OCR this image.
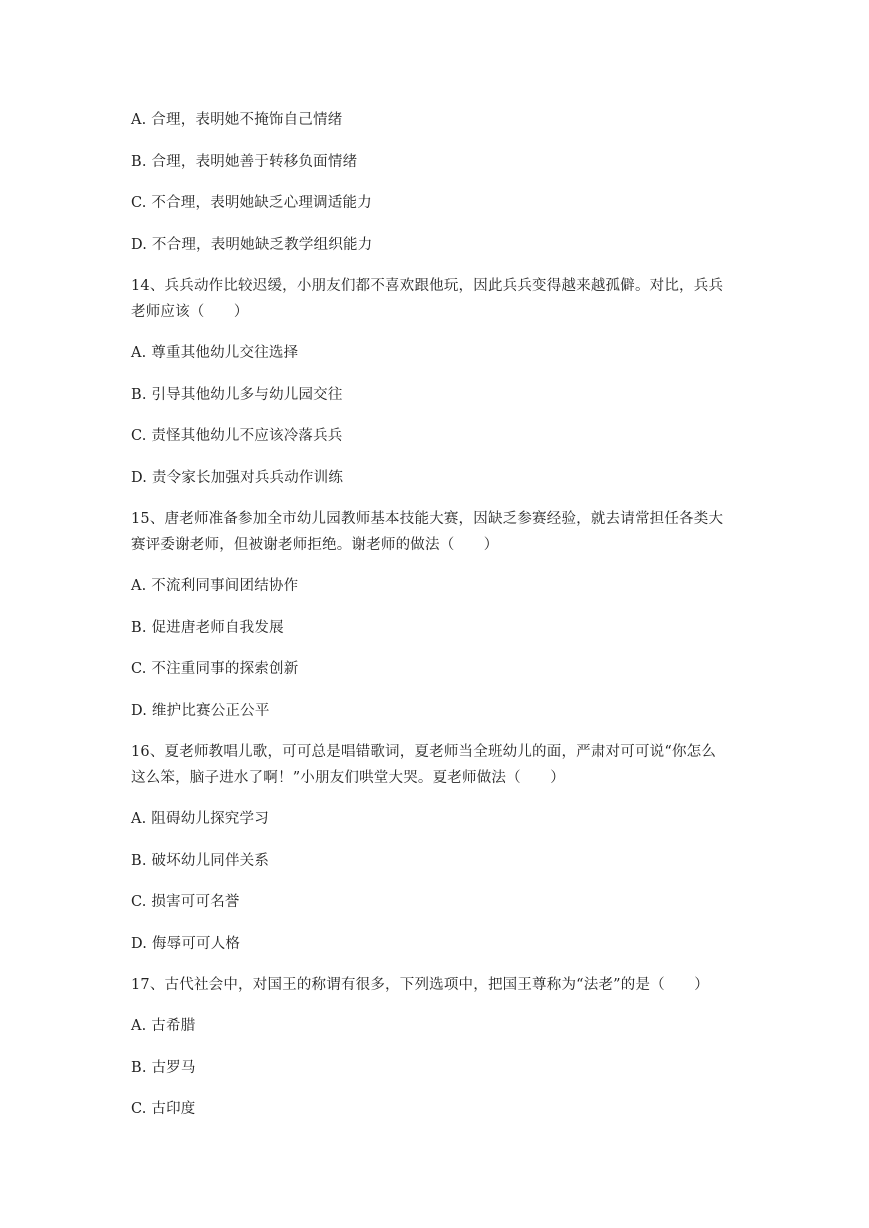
A. 合理，表明她不掩饰自己情绪
B. 合理，表明她善于转移负面情绪
C. 不合理，表明她缺乏心理调适能力
D. 不合理，表明她缺乏教学组织能力
14、兵兵动作比较迟缓，小朋友们都不喜欢跟他玩，因此兵兵变得越来越孤僻。对比，兵兵
老师应该（　　）
A. 尊重其他幼儿交往选择
B. 引导其他幼儿多与幼儿园交往
C. 责怪其他幼儿不应该冷落兵兵
D. 责令家长加强对兵兵动作训练
15、唐老师准备参加全市幼儿园教师基本技能大赛，因缺乏参赛经验，就去请常担任各类大
赛评委谢老师，但被谢老师拒绝。谢老师的做法（　　）
A. 不流利同事间团结协作
B. 促进唐老师自我发展
C. 不注重同事的探索创新
D. 维护比赛公正公平
16、夏老师教唱儿歌，可可总是唱错歌词，夏老师当全班幼儿的面，严肃对可可说“你怎么
这么笨，脑子进水了啊！”小朋友们哄堂大哭。夏老师做法（　　）
A. 阻碍幼儿探究学习
B. 破坏幼儿同伴关系
C. 损害可可名誉
D. 侮辱可可人格
17、古代社会中，对国王的称谓有很多，下列选项中，把国王尊称为“法老”的是（　　）
A. 古希腊
B. 古罗马
C. 古印度
